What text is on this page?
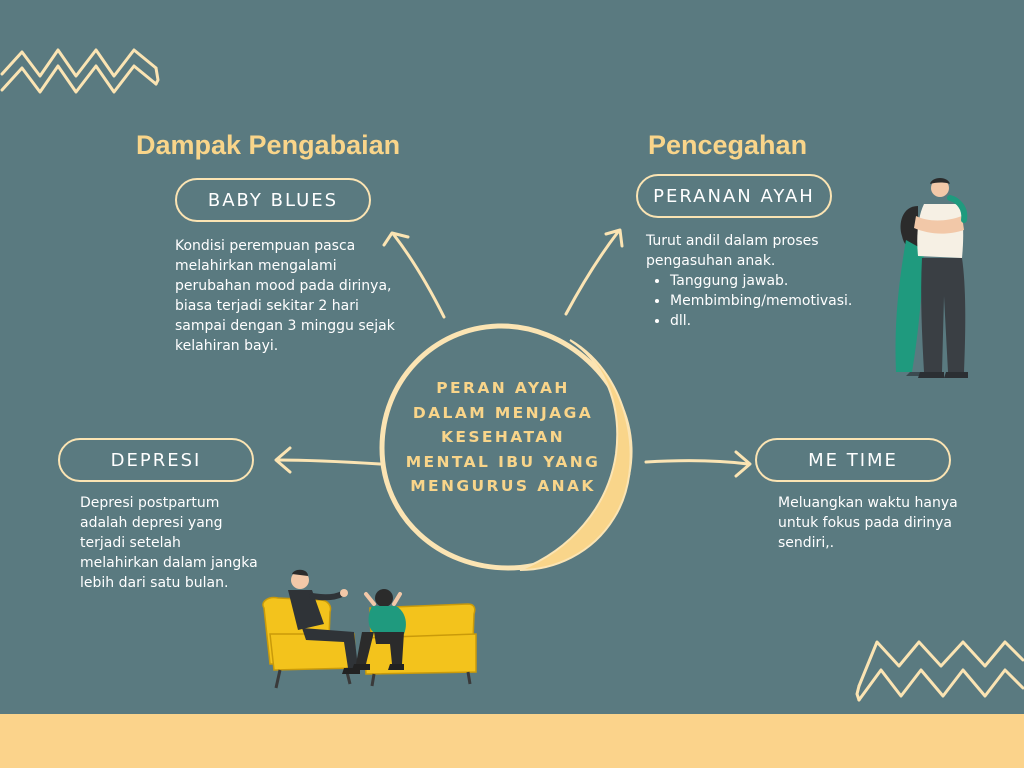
Dampak Pengabaian	Pencegahan
BABY BLUES	PERANAN AYAH
DEPRESI	ME TIME
Kondisi perempuan pasca
melahirkan mengalami
perubahan mood pada dirinya,
biasa terjadi sekitar 2 hari
sampai dengan 3 minggu sejak
kelahiran bayi.
Turut andil dalam proses
pengasuhan anak.
• Tanggung jawab.
• Membimbing/memotivasi.
• dll.
Depresi postpartum
adalah depresi yang
terjadi setelah
melahirkan dalam jangka
lebih dari satu bulan.
Meluangkan waktu hanya
untuk fokus pada dirinya
sendiri,.
PERAN AYAH
DALAM MENJAGA
KESEHATAN
MENTAL IBU YANG
MENGURUS ANAK
